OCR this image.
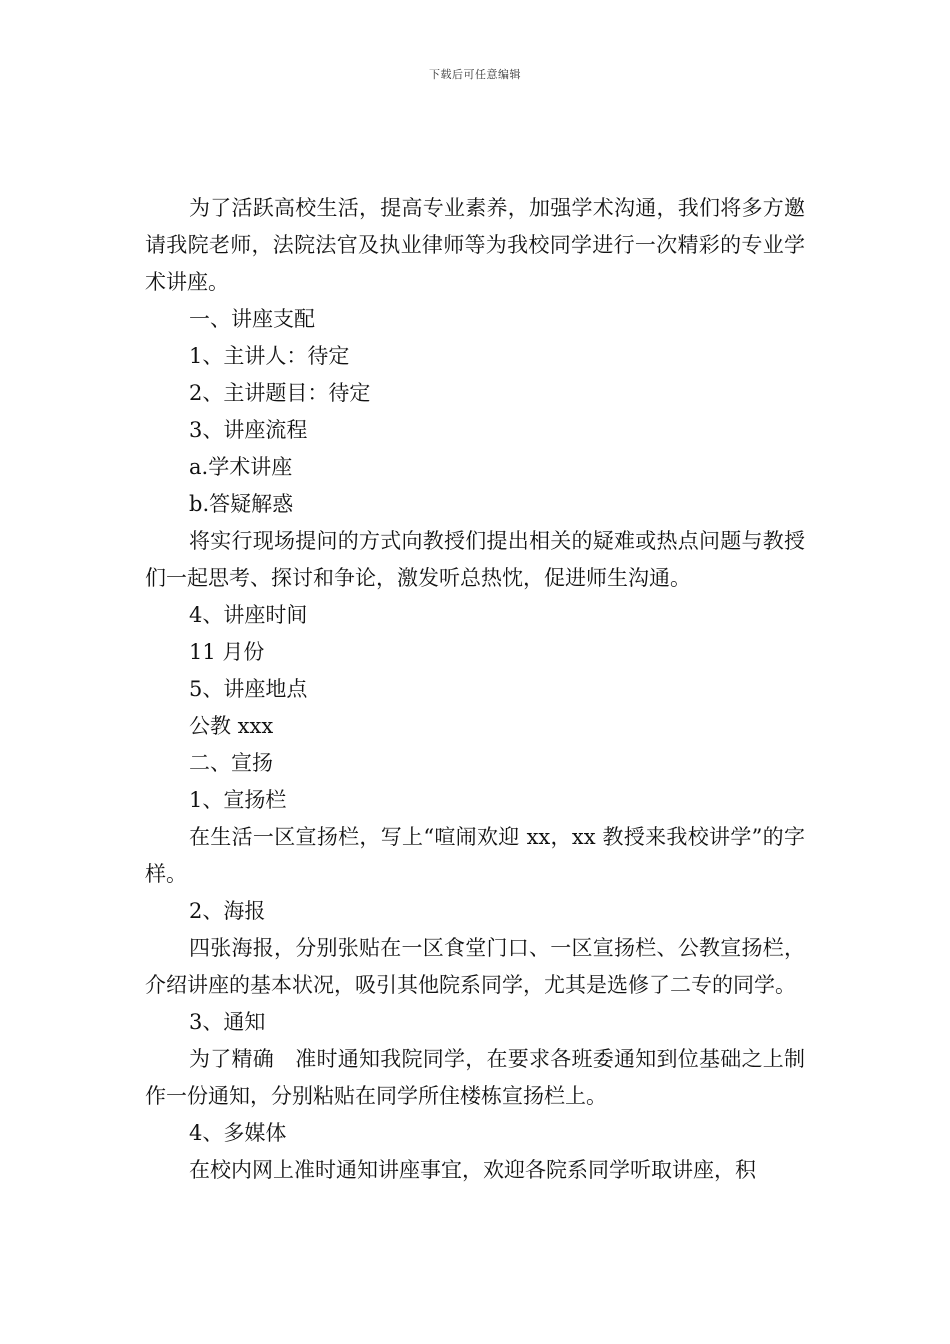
下载后可任意编辑

为了活跃高校生活，提高专业素养，加强学术沟通，我们将多方邀请我院老师，法院法官及执业律师等为我校同学进行一次精彩的专业学术讲座。

一、讲座支配

1、主讲人：待定

2、主讲题目：待定

3、讲座流程

a.学术讲座

b.答疑解惑

将实行现场提问的方式向教授们提出相关的疑难或热点问题与教授们一起思考、探讨和争论，激发听总热忱，促进师生沟通。

4、讲座时间

11 月份

5、讲座地点

公教 xxx

二、宣扬

1、宣扬栏

在生活一区宣扬栏，写上“喧闹欢迎 xx，xx 教授来我校讲学”的字样。

2、海报

四张海报，分别张贴在一区食堂门口、一区宣扬栏、公教宣扬栏，介绍讲座的基本状况，吸引其他院系同学，尤其是选修了二专的同学。

3、通知

为了精确　准时通知我院同学，在要求各班委通知到位基础之上制作一份通知，分别粘贴在同学所住楼栋宣扬栏上。

4、多媒体

在校内网上准时通知讲座事宜，欢迎各院系同学听取讲座，积
